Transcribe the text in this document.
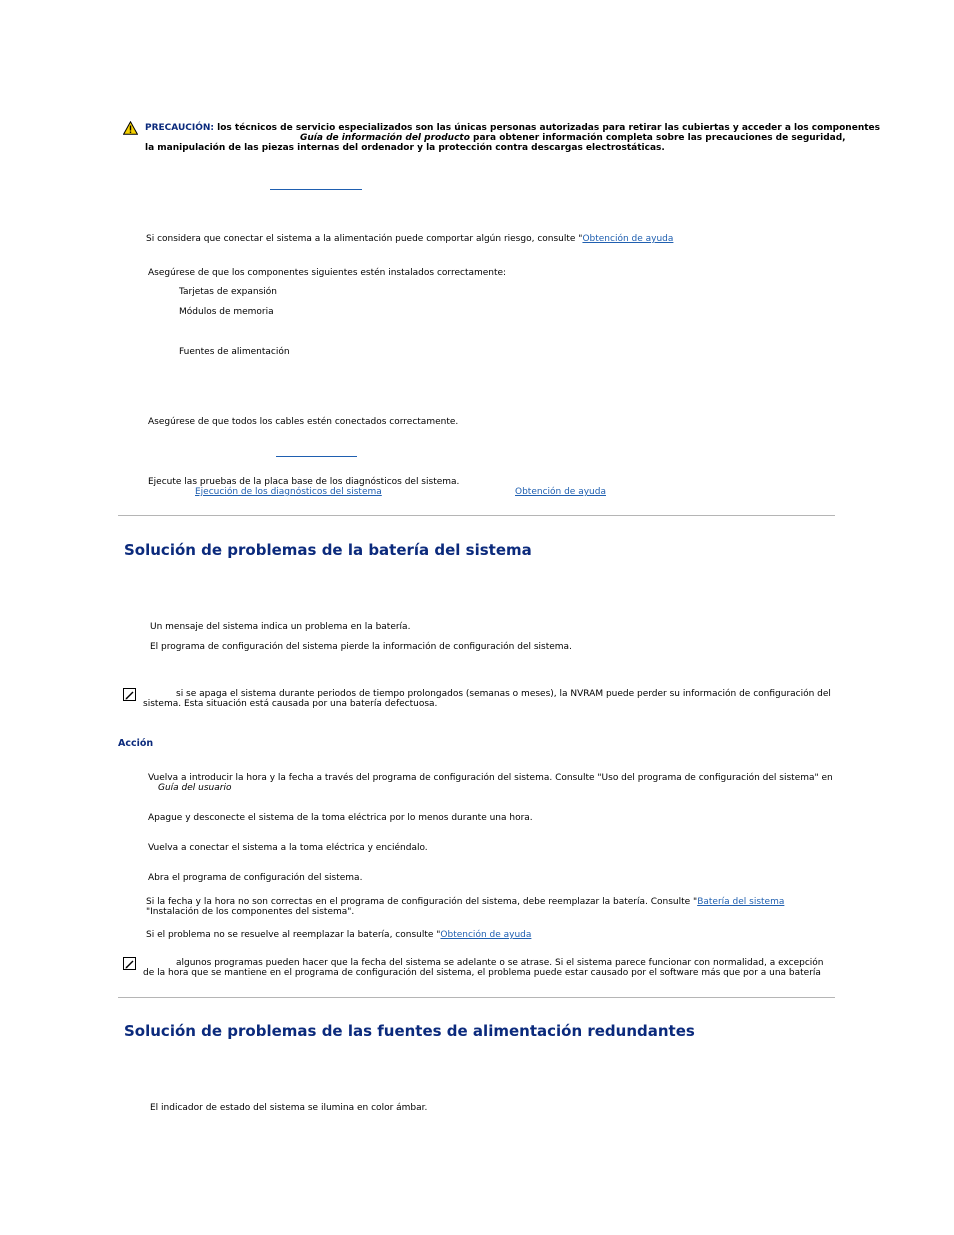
PRECAUCIÓN: los técnicos de servicio especializados son las únicas personas autorizadas para retirar las cubiertas y acceder a los componentes
Guía de información del producto para obtener información completa sobre las precauciones de seguridad,
la manipulación de las piezas internas del ordenador y la protección contra descargas electrostáticas.
Si considera que conectar el sistema a la alimentación puede comportar algún riesgo, consulte "Obtención de ayuda
Asegúrese de que los componentes siguientes estén instalados correctamente:
Tarjetas de expansión
Módulos de memoria
Fuentes de alimentación
Asegúrese de que todos los cables estén conectados correctamente.
Ejecute las pruebas de la placa base de los diagnósticos del sistema.
Ejecución de los diagnósticos del sistema	Obtención de ayuda
Solución de problemas de la batería del sistema
Un mensaje del sistema indica un problema en la batería.
El programa de configuración del sistema pierde la información de configuración del sistema.
si se apaga el sistema durante periodos de tiempo prolongados (semanas o meses), la NVRAM puede perder su información de configuración del
sistema. Esta situación está causada por una batería defectuosa.
Acción
Vuelva a introducir la hora y la fecha a través del programa de configuración del sistema. Consulte "Uso del programa de configuración del sistema" en
Guía del usuario
Apague y desconecte el sistema de la toma eléctrica por lo menos durante una hora.
Vuelva a conectar el sistema a la toma eléctrica y enciéndalo.
Abra el programa de configuración del sistema.
Si la fecha y la hora no son correctas en el programa de configuración del sistema, debe reemplazar la batería. Consulte "Batería del sistema
"Instalación de los componentes del sistema".
Si el problema no se resuelve al reemplazar la batería, consulte "Obtención de ayuda
algunos programas pueden hacer que la fecha del sistema se adelante o se atrase. Si el sistema parece funcionar con normalidad, a excepción
de la hora que se mantiene en el programa de configuración del sistema, el problema puede estar causado por el software más que por a una batería
Solución de problemas de las fuentes de alimentación redundantes
El indicador de estado del sistema se ilumina en color ámbar.
